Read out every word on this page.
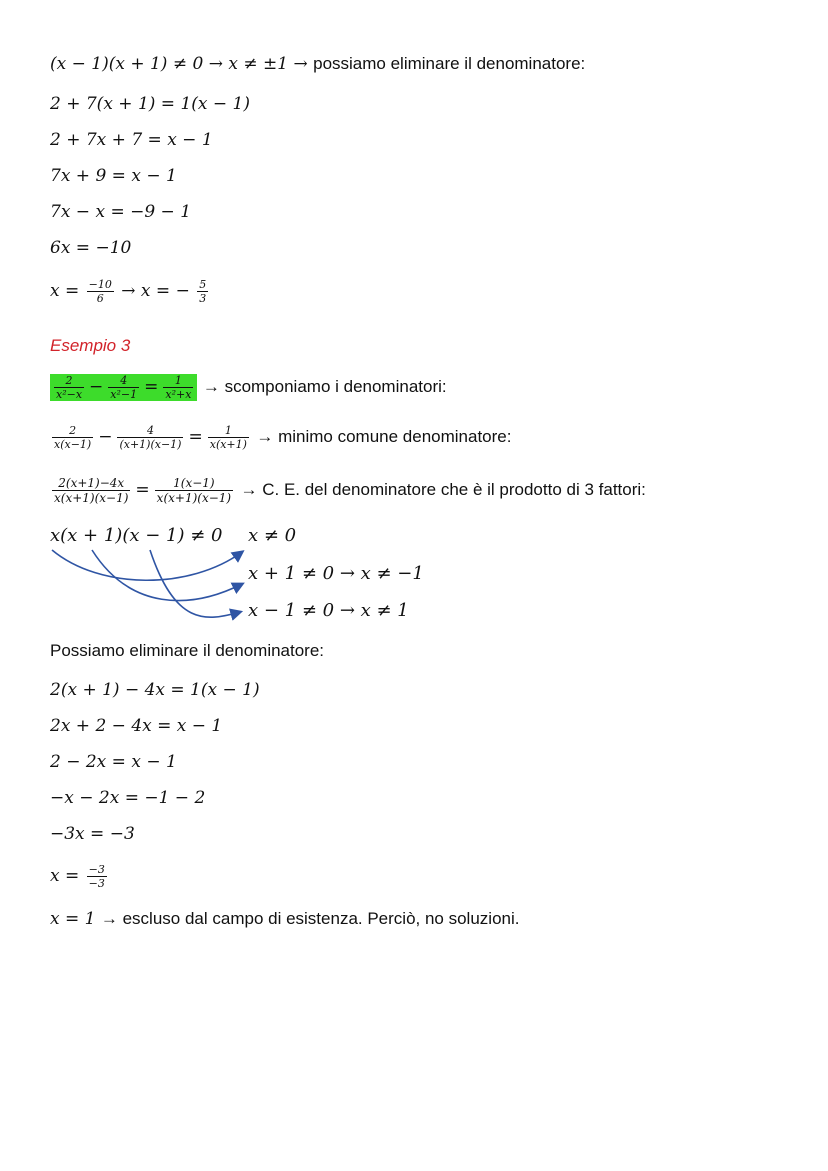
(x − 1)(x + 1) ≠ 0 → x ≠ ±1 → possiamo eliminare il denominatore:
2 + 7(x + 1) = 1(x − 1)
2 + 7x + 7 = x − 1
7x + 9 = x − 1
7x − x = −9 − 1
6x = −10
$x = \frac{-10}{6} \to x$ = − $\frac{5}{3}$
Esempio 3
$\frac{2}{\text{x²−x}} - \frac{4}{\text{x²−1}} = \frac{1}{\text{x²+x}}$ → scomponiamo i denominatori:
$\frac{2}{x(x-1)} - \frac{4}{(x+1)(x-1)} = \frac{1}{x(x+1)}$ → minimo comune denominatore:
$\frac{2(x+1)-4x}{x(x+1)(x-1)} = \frac{1(x-1)}{x(x+1)(x-1)} \to C$. E. del denominatore che è il prodotto di 3 fattori:
x(x + 1)(x − 1) ≠ 0 x ≠ 0
x + 1 ≠ 0 → x ≠ −1
x − 1 ≠ 0 → x ≠ 1
Possiamo eliminare il denominatore:
2(x + 1) − 4x = 1(x − 1)
2x + 2 − 4x = x − 1
2 − 2x = x − 1
−x − 2x = −1 − 2
−3x = −3
$x = \frac{-3}{-3}$
x = 1 → escluso dal campo di esistenza. Perciò, no soluzioni.
